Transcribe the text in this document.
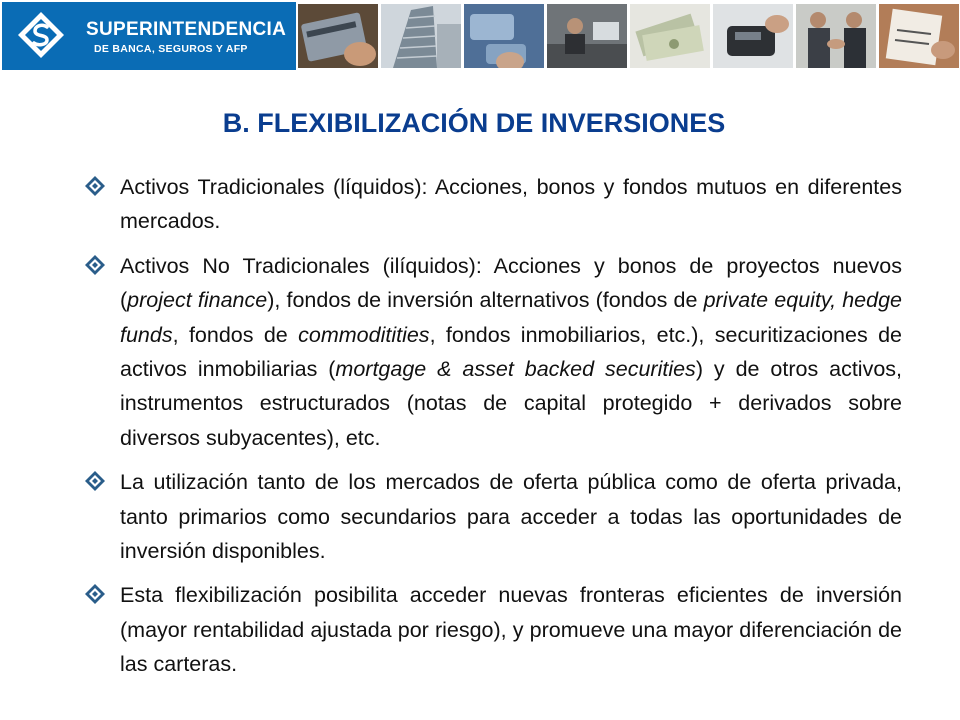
SUPERINTENDENCIA
DE BANCA, SEGUROS Y AFP
B. FLEXIBILIZACIÓN DE INVERSIONES
Activos Tradicionales (líquidos): Acciones, bonos y fondos mutuos en diferentes mercados.
Activos No Tradicionales (ilíquidos): Acciones y bonos de proyectos nuevos (project finance), fondos de inversión alternativos (fondos de private equity, hedge funds, fondos de commoditities, fondos inmobiliarios, etc.), securitizaciones de activos inmobiliarias (mortgage & asset backed securities) y de otros activos, instrumentos estructurados (notas de capital protegido + derivados sobre diversos subyacentes), etc.
La utilización tanto de los mercados de oferta pública como de oferta privada, tanto primarios como secundarios para acceder a todas las oportunidades de inversión disponibles.
Esta flexibilización posibilita acceder nuevas fronteras eficientes de inversión (mayor rentabilidad ajustada por riesgo), y promueve una mayor diferenciación de las carteras.
